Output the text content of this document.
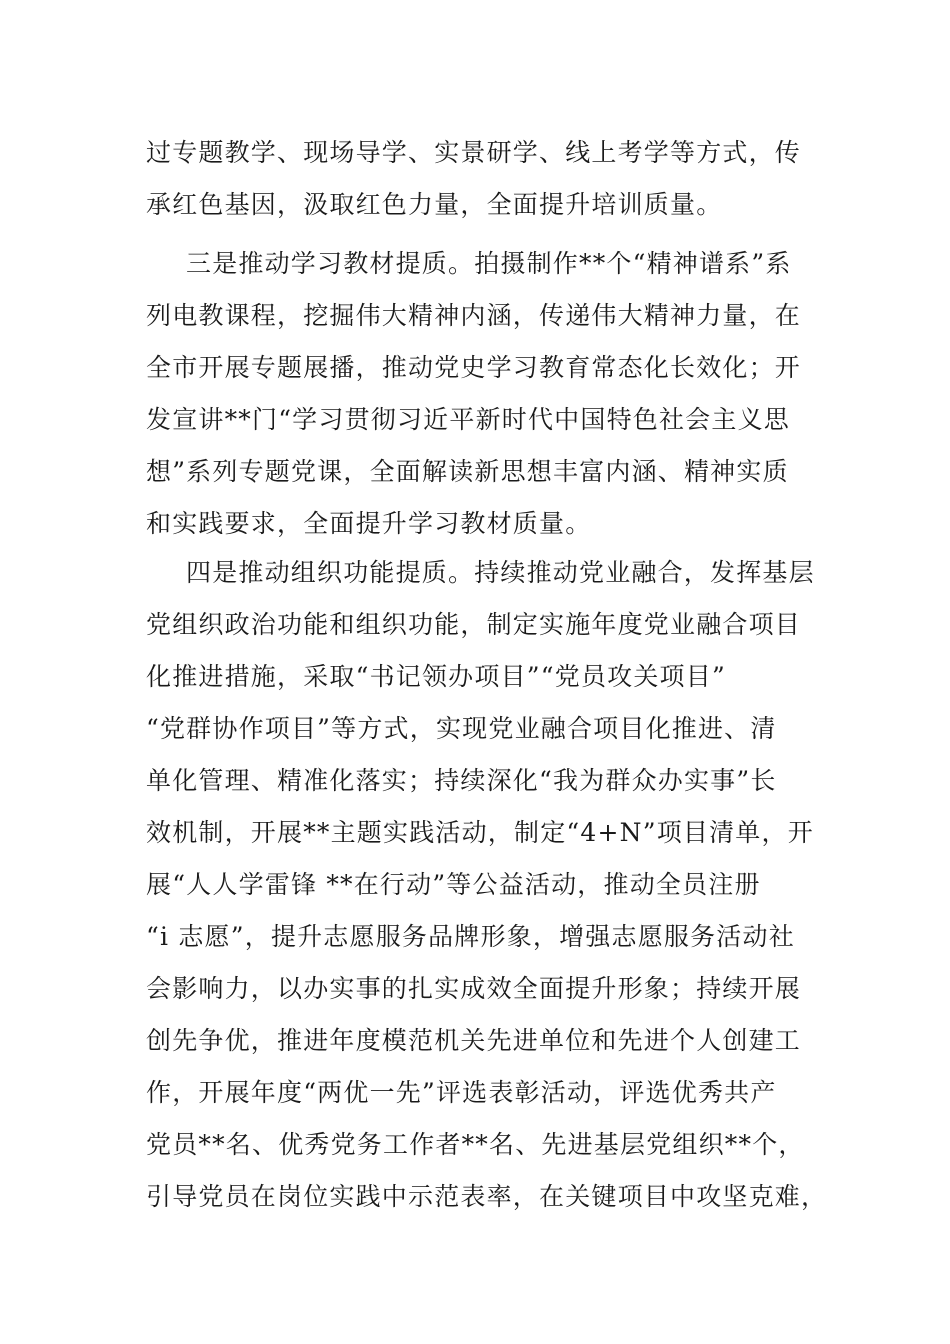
过专题教学、现场导学、实景研学、线上考学等方式，传
承红色基因，汲取红色力量，全面提升培训质量。
三是推动学习教材提质。拍摄制作**个“精神谱系”系
列电教课程，挖掘伟大精神内涵，传递伟大精神力量，在
全市开展专题展播，推动党史学习教育常态化长效化；开
发宣讲**门“学习贯彻习近平新时代中国特色社会主义思
想”系列专题党课，全面解读新思想丰富内涵、精神实质
和实践要求，全面提升学习教材质量。
四是推动组织功能提质。持续推动党业融合，发挥基层
党组织政治功能和组织功能，制定实施年度党业融合项目
化推进措施，采取“书记领办项目”“党员攻关项目”
“党群协作项目”等方式，实现党业融合项目化推进、清
单化管理、精准化落实；持续深化“我为群众办实事”长
效机制，开展**主题实践活动，制定“4+N”项目清单，开
展“人人学雷锋 **在行动”等公益活动，推动全员注册
“i 志愿”，提升志愿服务品牌形象，增强志愿服务活动社
会影响力，以办实事的扎实成效全面提升形象；持续开展
创先争优，推进年度模范机关先进单位和先进个人创建工
作，开展年度“两优一先”评选表彰活动，评选优秀共产
党员**名、优秀党务工作者**名、先进基层党组织**个，
引导党员在岗位实践中示范表率，在关键项目中攻坚克难，
